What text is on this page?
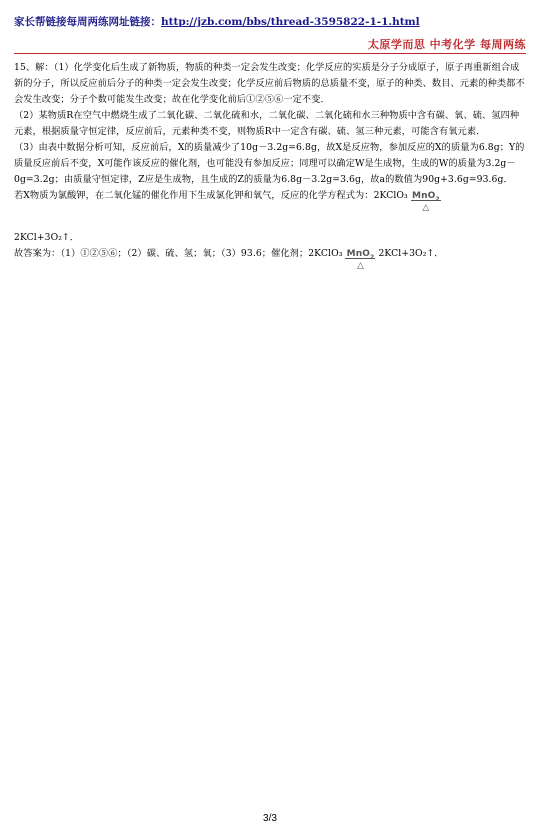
家长帮链接每周两练网址链接：http://jzb.com/bbs/thread-3595822-1-1.html
太原学而思 中考化学 每周两练

15、解：（1）化学变化后生成了新物质，物质的种类一定会发生改变；化学反应的实质是分子分成原子，原子再重新组合成新的分子，所以反应前后分子的种类一定会发生改变；化学反应前后物质的总质量不变，原子的种类、数目、元素的种类都不会发生改变；分子个数可能发生改变；故在化学变化前后①②⑤⑥一定不变．

（2）某物质R在空气中燃烧生成了二氧化碳、二氧化硫和水，二氧化碳、二氧化硫和水三种物质中含有碳、氧、硫、氢四种元素，根据质量守恒定律，反应前后，元素种类不变，则物质R中一定含有碳、硫、氢三种元素，可能含有氧元素．

（3）由表中数据分析可知，反应前后，X的质量减少了10g－3.2g=6.8g，故X是反应物，参加反应的X的质量为6.8g；Y的质量反应前后不变，X可能作该反应的催化剂，也可能没有参加反应；同理可以确定W是生成物，生成的W的质量为3.2g－0g=3.2g；由质量守恒定律，Z应是生成物，且生成的Z的质量为6.8g－3.2g=3.6g，故a的数值为90g+3.6g=93.6g．

若X物质为氯酸钾，在二氧化锰的催化作用下生成氯化钾和氧气，反应的化学方程式为：2KClO₃ MnO$_2$
△

2KCl+3O₂↑．

故答案为：（1）①②⑤⑥；（2）碳、硫、氢；氧；（3）93.6；催化剂；2KClO₃ MnO$_2$
△
2KCl+3O₂↑．

3/3
